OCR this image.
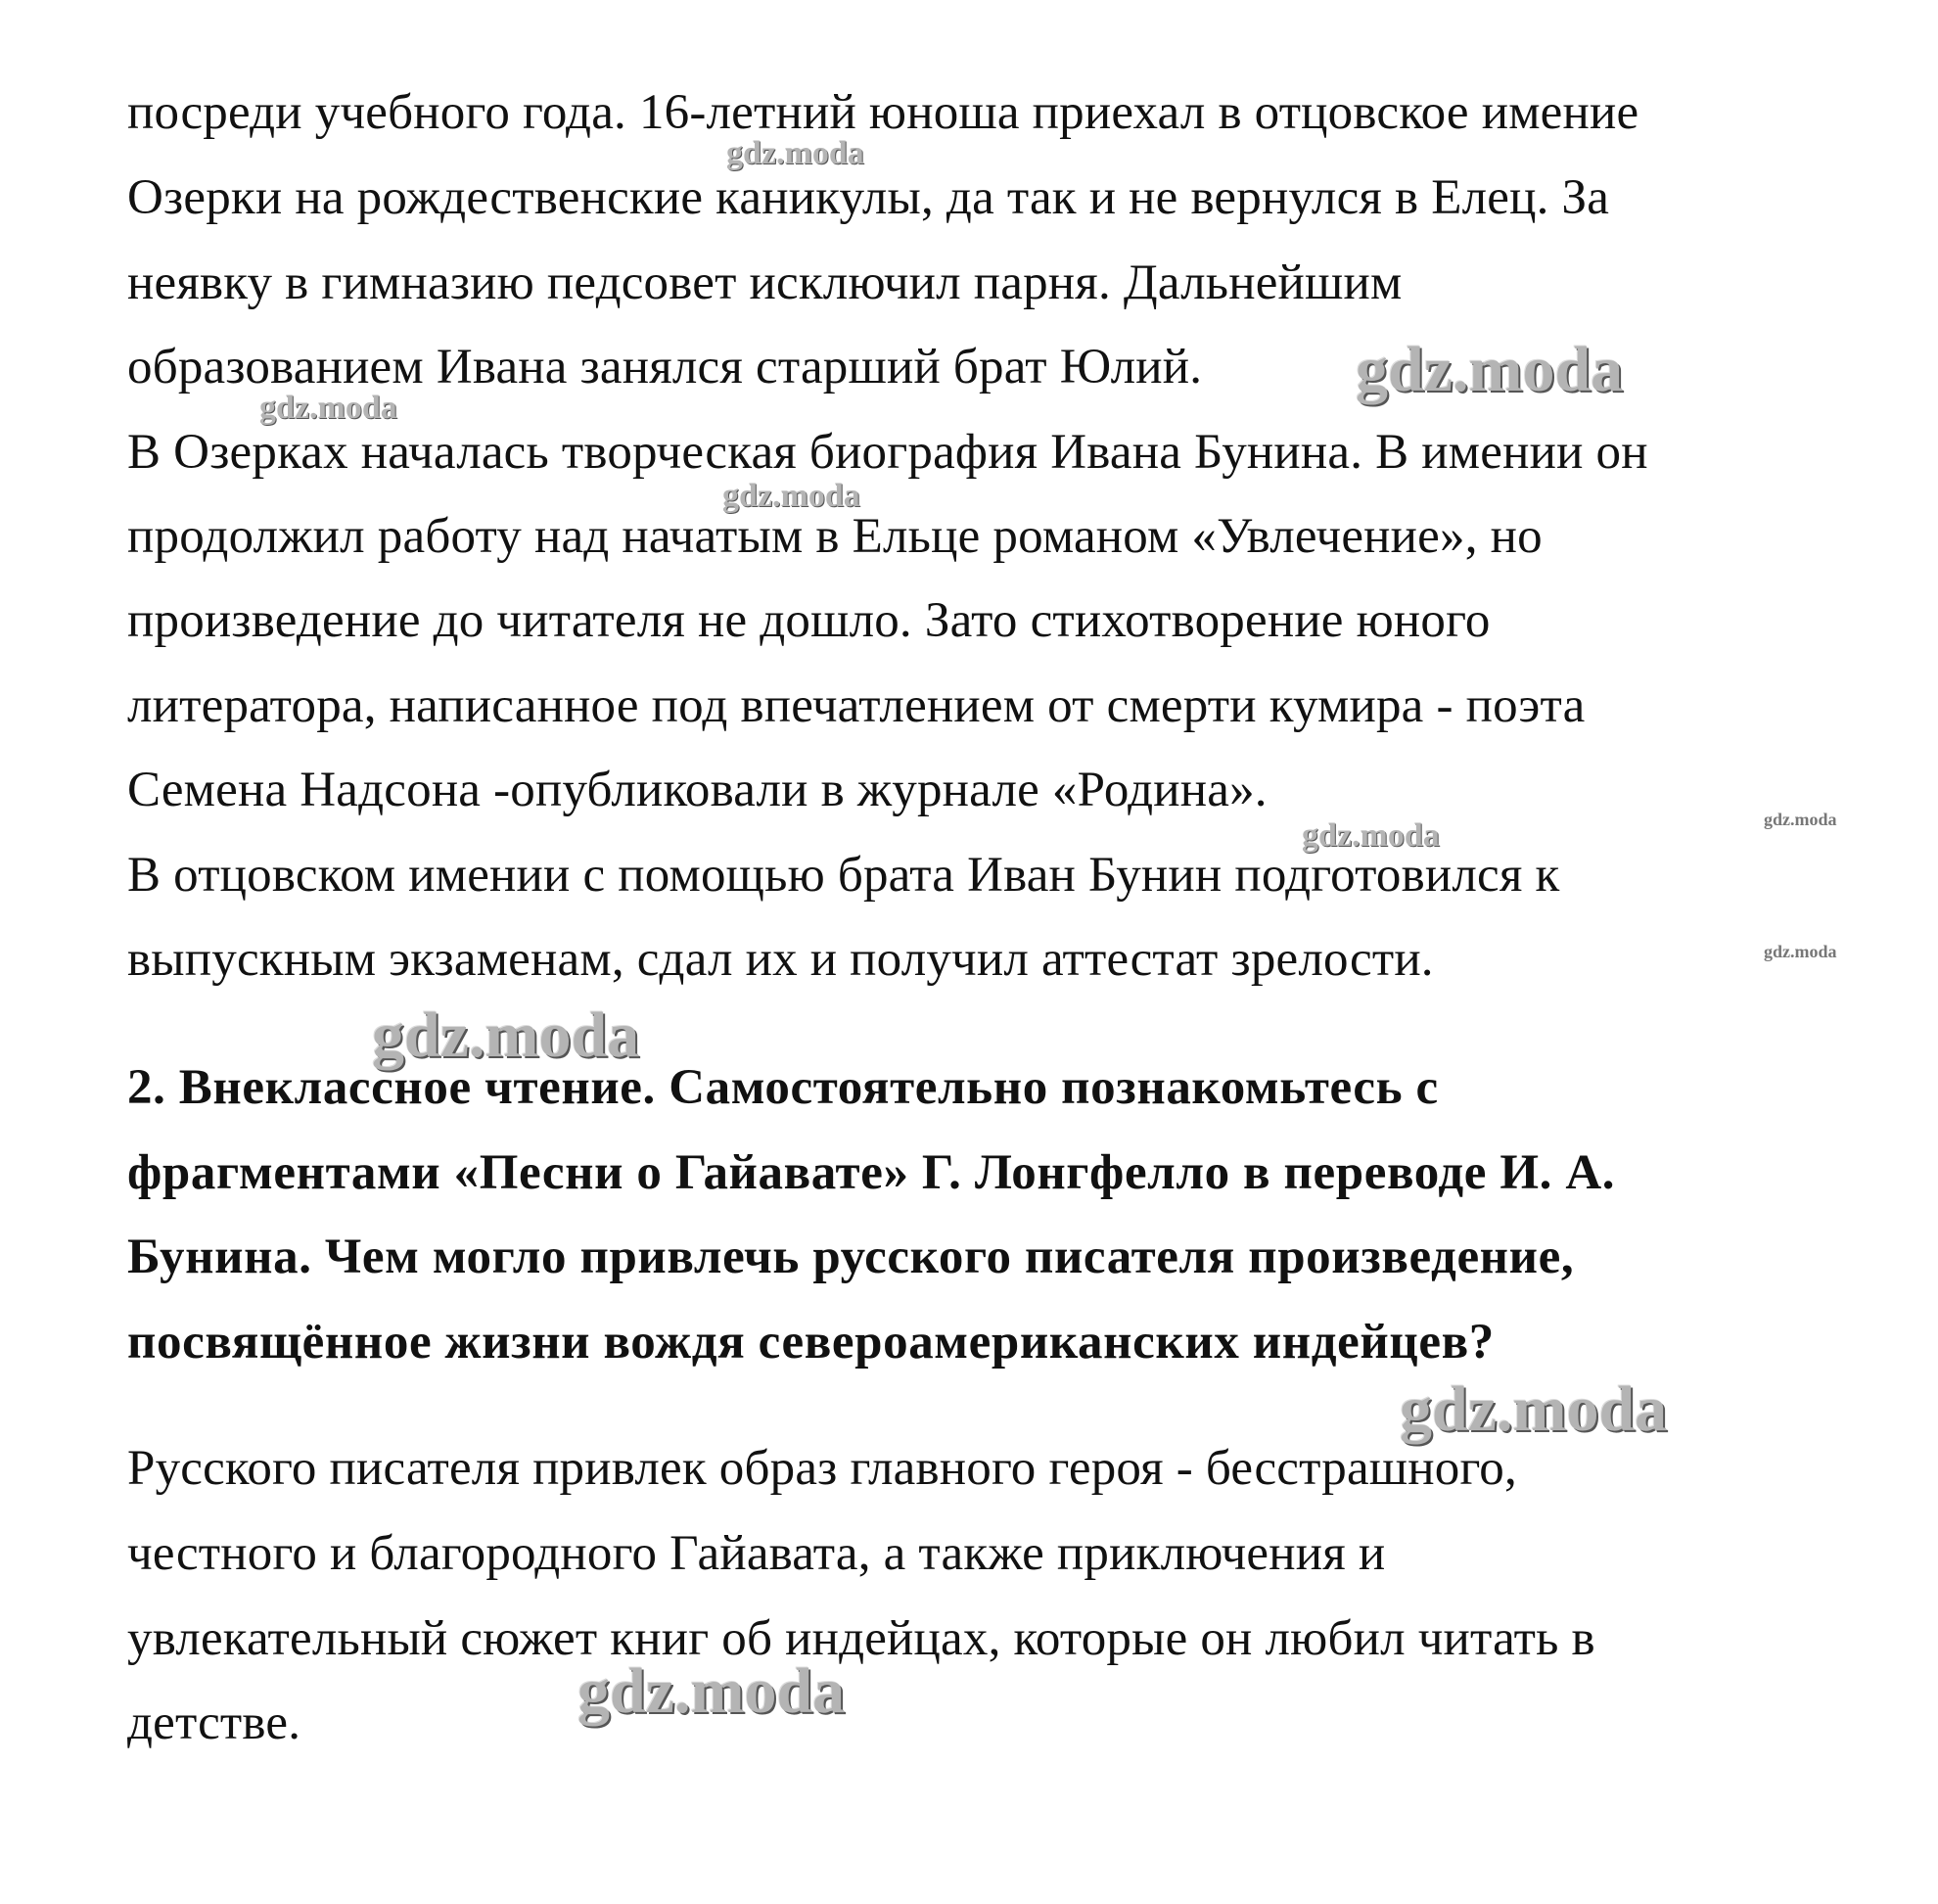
посреди учебного года. 16-летний юноша приехал в отцовское имение
Озерки на рождественские каникулы, да так и не вернулся в Елец. За
неявку в гимназию педсовет исключил парня. Дальнейшим
образованием Ивана занялся старший брат Юлий.
В Озерках началась творческая биография Ивана Бунина. В имении он
продолжил работу над начатым в Ельце романом «Увлечение», но
произведение до читателя не дошло. Зато стихотворение юного
литератора, написанное под впечатлением от смерти кумира - поэта
Семена Надсона -опубликовали в журнале «Родина».
В отцовском имении с помощью брата Иван Бунин подготовился к
выпускным экзаменам, сдал их и получил аттестат зрелости.
2. Внеклассное чтение. Самостоятельно познакомьтесь с
фрагментами «Песни о Гайавате» Г. Лонгфелло в переводе И. А.
Бунина. Чем могло привлечь русского писателя произведение,
посвящённое жизни вождя североамериканских индейцев?
Русского писателя привлек образ главного героя - бесстрашного,
честного и благородного Гайавата, а также приключения и
увлекательный сюжет книг об индейцах, которые он любил читать в
детстве.
gdz.moda
gdz.moda
gdz.moda
gdz.moda
gdz.moda	gdz.moda
gdz.moda
gdz.moda
gdz.moda
gdz.moda
